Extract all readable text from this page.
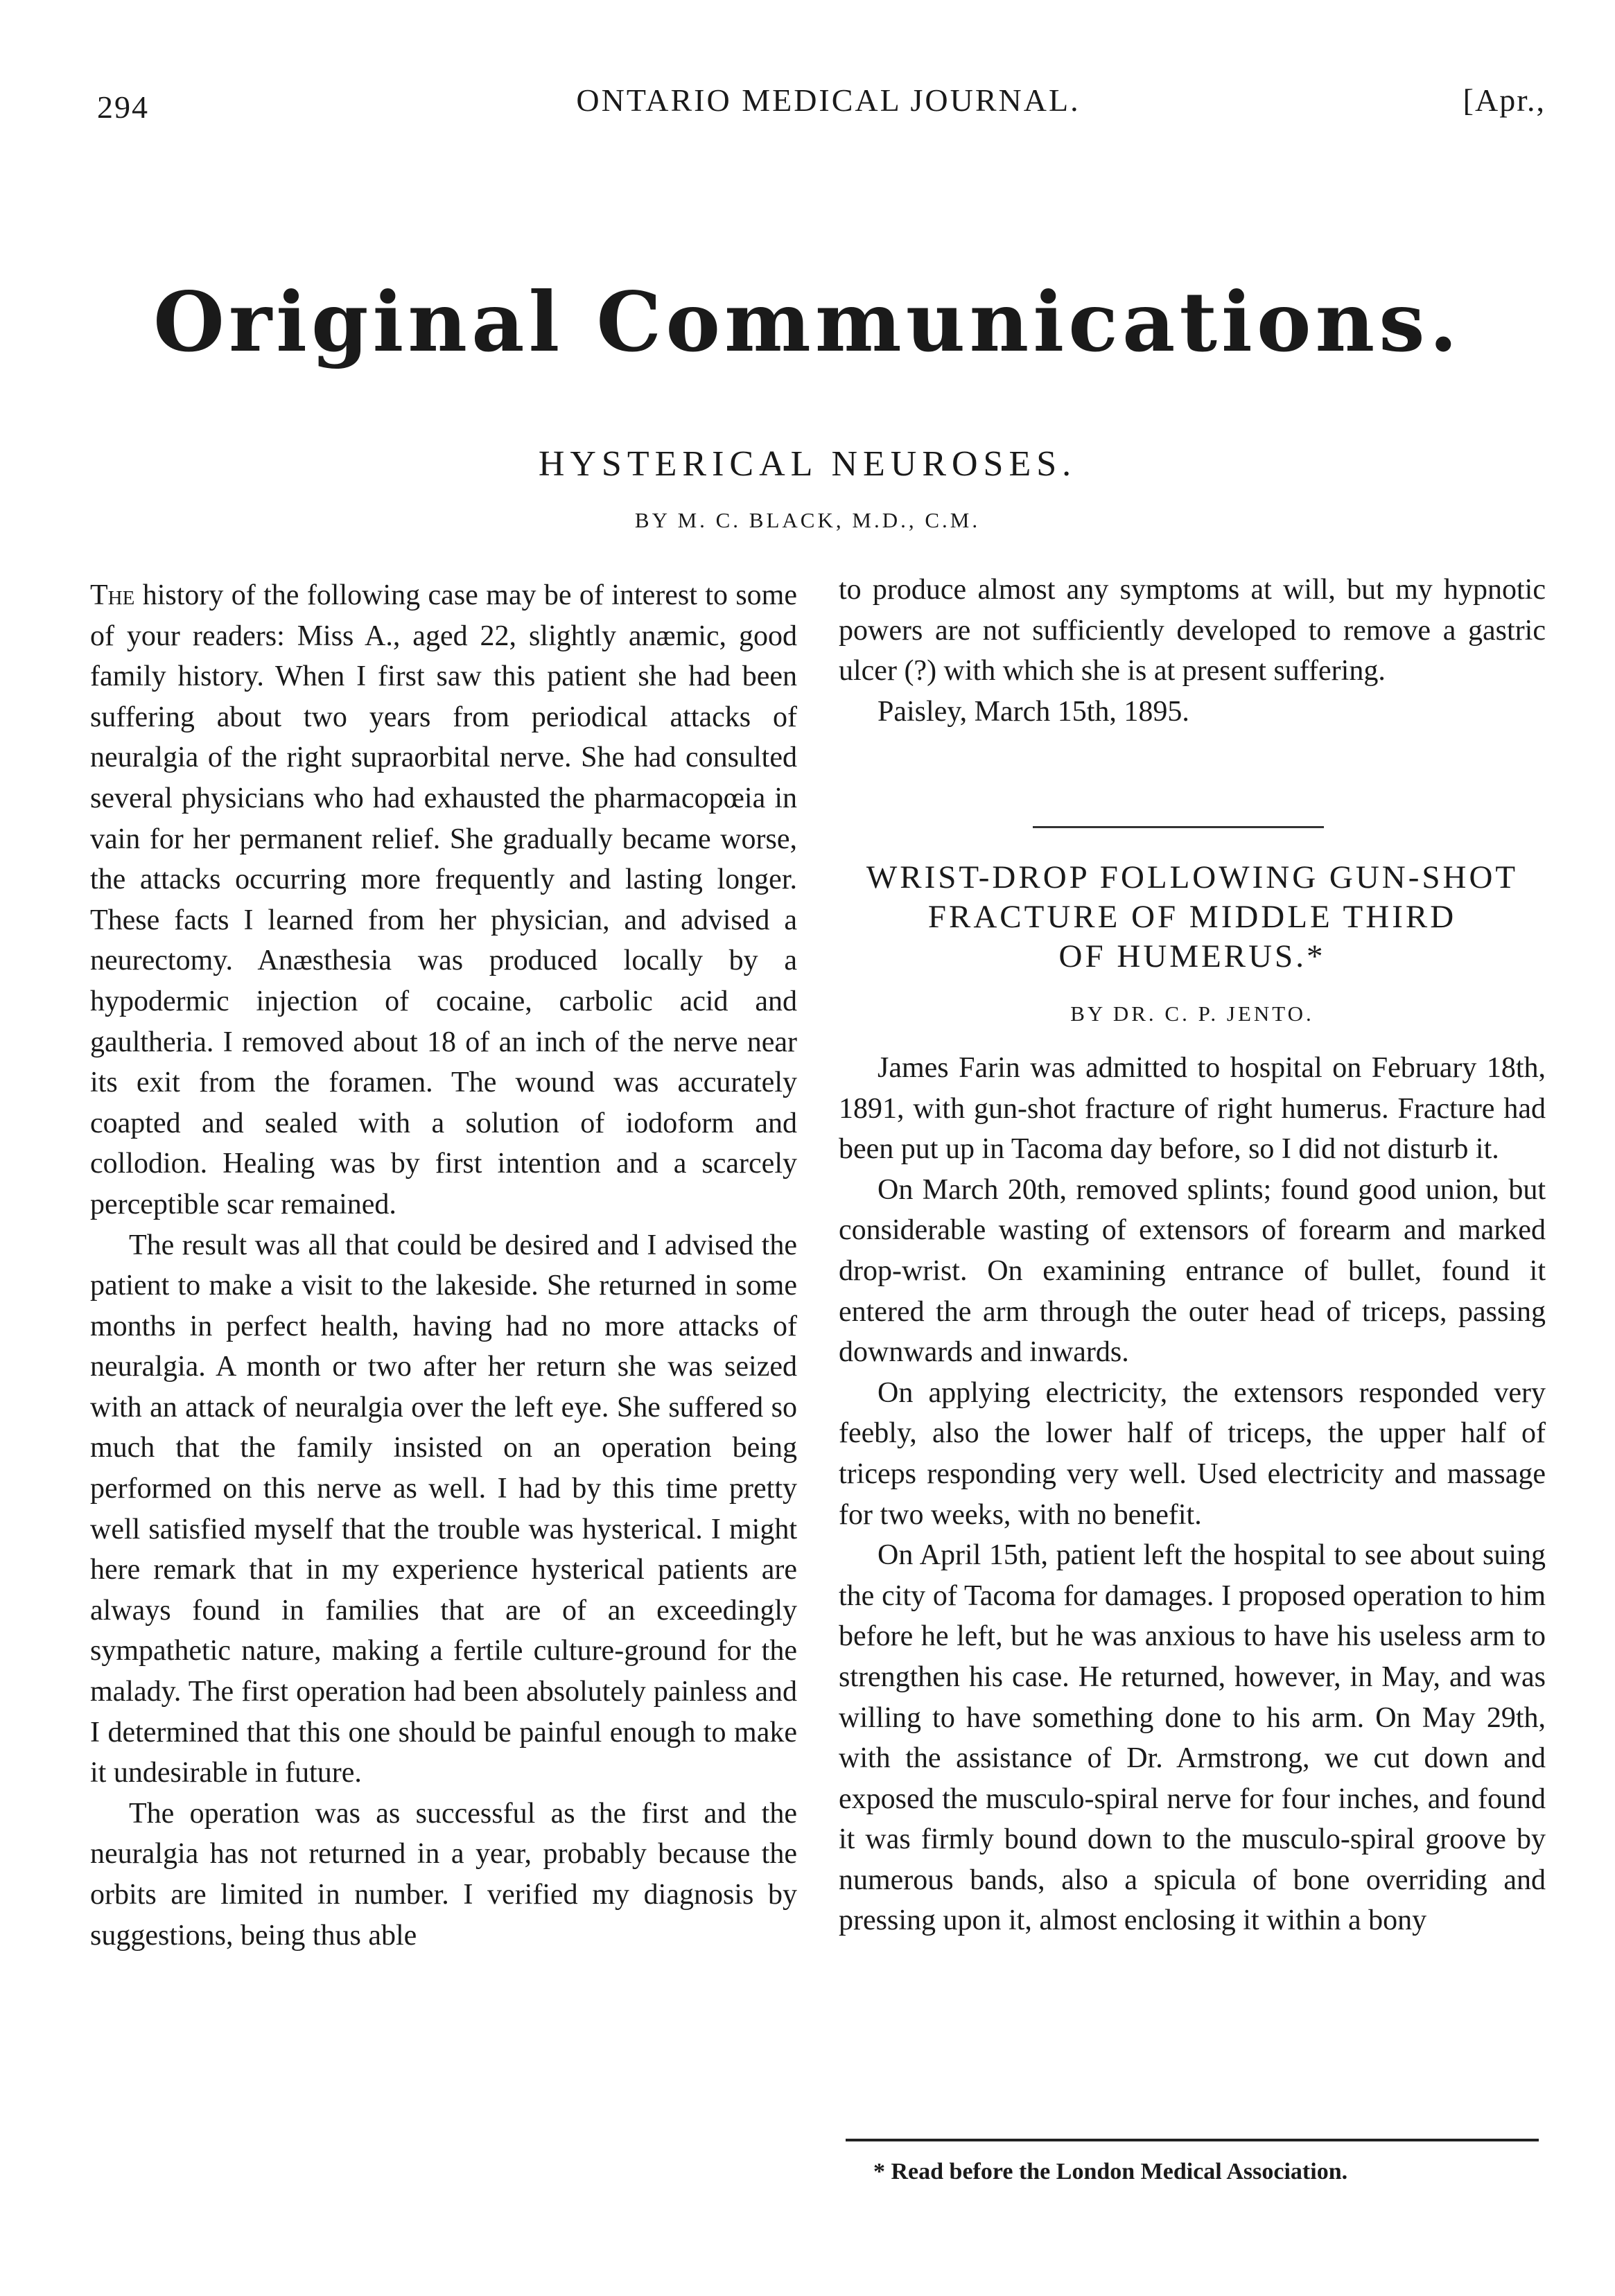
294	ONTARIO MEDICAL JOURNAL.	[Apr.,
Original Communications.
HYSTERICAL NEUROSES.
BY M. C. BLACK, M.D., C.M.

The history of the following case may be of interest to some of your readers: Miss A., aged 22, slightly anæmic, good family history. When I first saw this patient she had been suffering about two years from periodical attacks of neuralgia of the right supraorbital nerve. She had consulted several physicians who had exhausted the pharmacopœia in vain for her permanent relief. She gradually became worse, the attacks occurring more frequently and lasting longer. These facts I learned from her physician, and advised a neurectomy. Anæsthesia was produced locally by a hypodermic injection of cocaine, carbolic acid and gaultheria. I removed about 18 of an inch of the nerve near its exit from the foramen. The wound was accurately coapted and sealed with a solution of iodoform and collodion. Healing was by first intention and a scarcely perceptible scar remained.

The result was all that could be desired and I advised the patient to make a visit to the lakeside. She returned in some months in perfect health, having had no more attacks of neuralgia. A month or two after her return she was seized with an attack of neuralgia over the left eye. She suffered so much that the family insisted on an operation being performed on this nerve as well. I had by this time pretty well satisfied myself that the trouble was hysterical. I might here remark that in my experience hysterical patients are always found in families that are of an exceedingly sympathetic nature, making a fertile culture-ground for the malady. The first operation had been absolutely painless and I determined that this one should be painful enough to make it undesirable in future.

The operation was as successful as the first and the neuralgia has not returned in a year, probably because the orbits are limited in number. I verified my diagnosis by suggestions, being thus able

to produce almost any symptoms at will, but my hypnotic powers are not sufficiently developed to remove a gastric ulcer (?) with which she is at present suffering.

Paisley, March 15th, 1895.

WRIST-DROP FOLLOWING GUN-SHOT
FRACTURE OF MIDDLE THIRD
OF HUMERUS.*
BY DR. C. P. JENTO.

James Farin was admitted to hospital on February 18th, 1891, with gun-shot fracture of right humerus. Fracture had been put up in Tacoma day before, so I did not disturb it.

On March 20th, removed splints; found good union, but considerable wasting of extensors of forearm and marked drop-wrist. On examining entrance of bullet, found it entered the arm through the outer head of triceps, passing downwards and inwards.

On applying electricity, the extensors responded very feebly, also the lower half of triceps, the upper half of triceps responding very well. Used electricity and massage for two weeks, with no benefit.

On April 15th, patient left the hospital to see about suing the city of Tacoma for damages. I proposed operation to him before he left, but he was anxious to have his useless arm to strengthen his case. He returned, however, in May, and was willing to have something done to his arm. On May 29th, with the assistance of Dr. Armstrong, we cut down and exposed the musculo-spiral nerve for four inches, and found it was firmly bound down to the musculo-spiral groove by numerous bands, also a spicula of bone overriding and pressing upon it, almost enclosing it within a bony

* Read before the London Medical Association.
